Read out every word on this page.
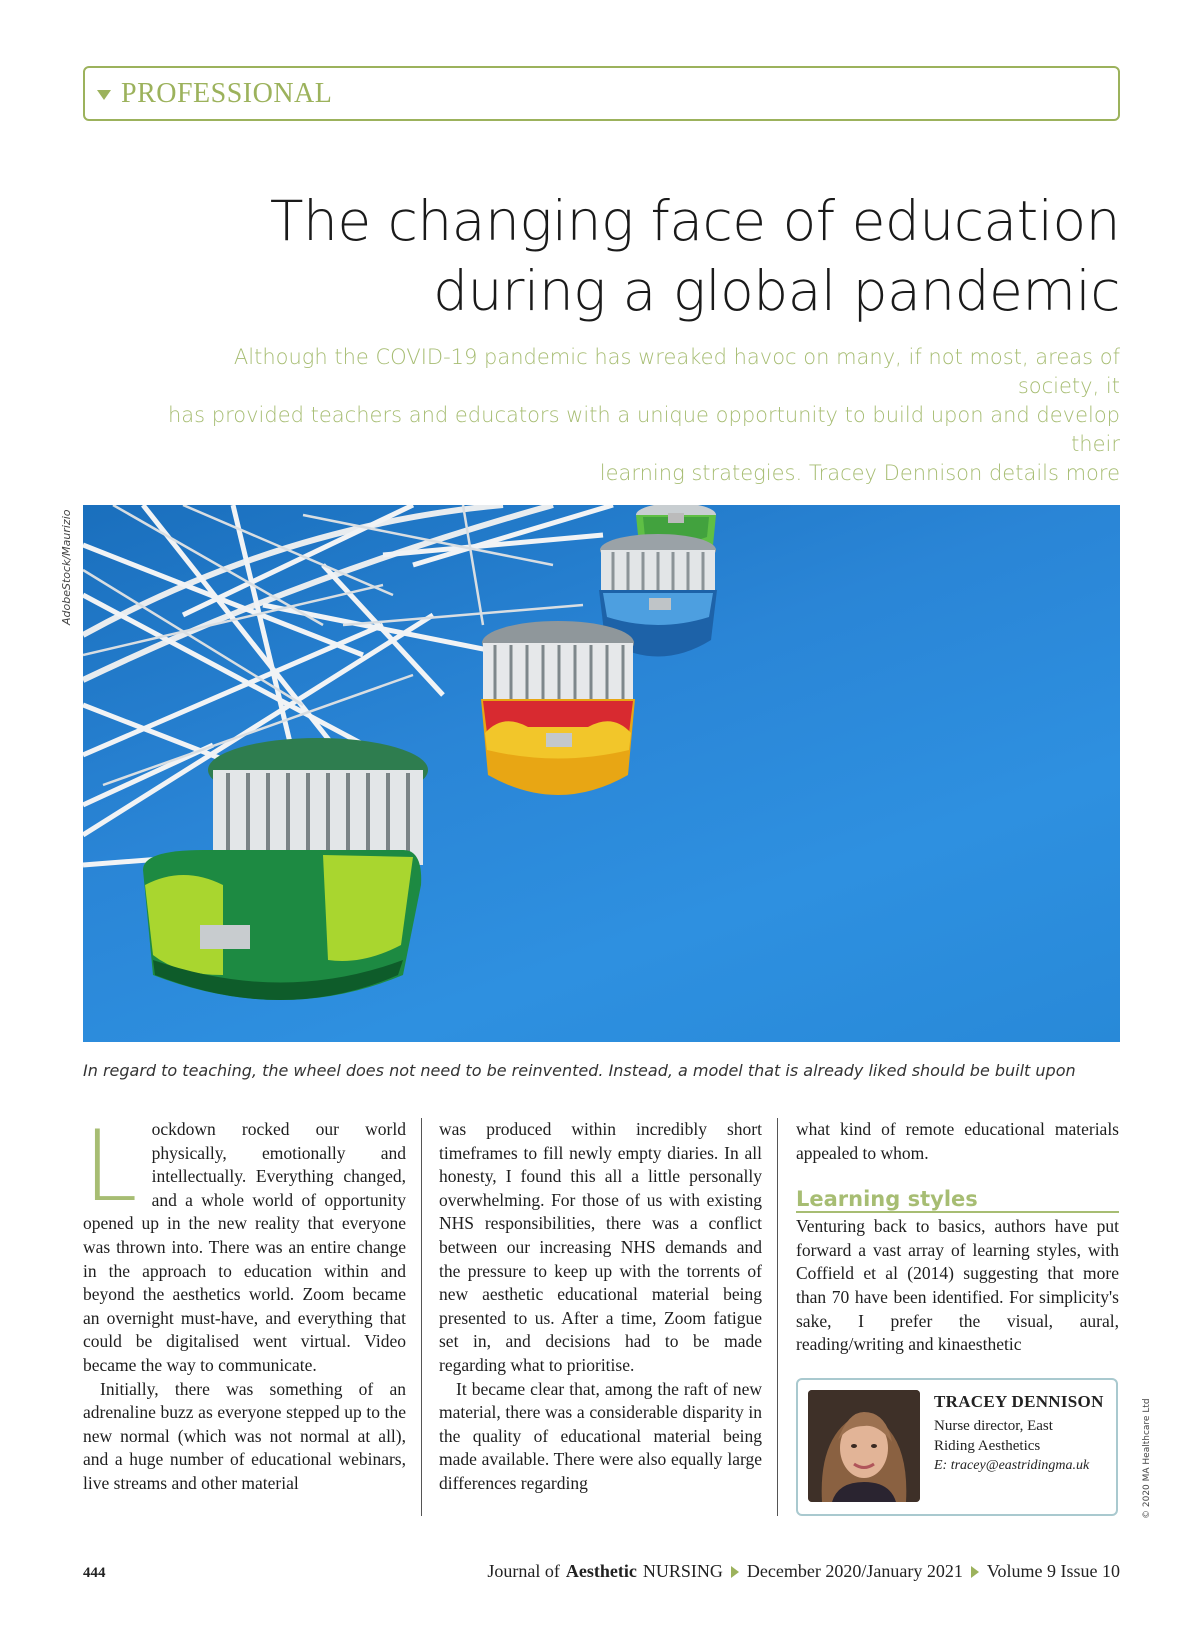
PROFESSIONAL
The changing face of education
during a global pandemic
Although the COVID-19 pandemic has wreaked havoc on many, if not most, areas of society, it
has provided teachers and educators with a unique opportunity to build upon and develop their
learning strategies. Tracey Dennison details more
AdobeStock/Maurizio
In regard to teaching, the wheel does not need to be reinvented. Instead, a model that is already liked should be built upon

Lockdown rocked our world physically, emotionally and intellectually. Everything changed, and a whole world of opportunity opened up in the new reality that everyone was thrown into. There was an entire change in the approach to education within and beyond the aesthetics world. Zoom became an overnight must-have, and everything that could be digitalised went virtual. Video became the way to communicate.

Initially, there was something of an adrenaline buzz as everyone stepped up to the new normal (which was not normal at all), and a huge number of educational webinars, live streams and other material

was produced within incredibly short timeframes to fill newly empty diaries. In all honesty, I found this all a little personally overwhelming. For those of us with existing NHS responsibilities, there was a conflict between our increasing NHS demands and the pressure to keep up with the torrents of new aesthetic educational material being presented to us. After a time, Zoom fatigue set in, and decisions had to be made regarding what to prioritise.

It became clear that, among the raft of new material, there was a considerable disparity in the quality of educational material being made available. There were also equally large differences regarding

what kind of remote educational materials appealed to whom.

Learning styles

Venturing back to basics, authors have put forward a vast array of learning styles, with Coffield et al (2014) suggesting that more than 70 have been identified. For simplicity's sake, I prefer the visual, aural, reading/writing and kinaesthetic

TRACEY DENNISON
Nurse director, East
Riding Aesthetics
E: tracey@eastridingma.uk	© 2020 MA Healthcare Ltd
444	Journal of Aesthetic NURSING December 2020/January 2021 Volume 9 Issue 10
